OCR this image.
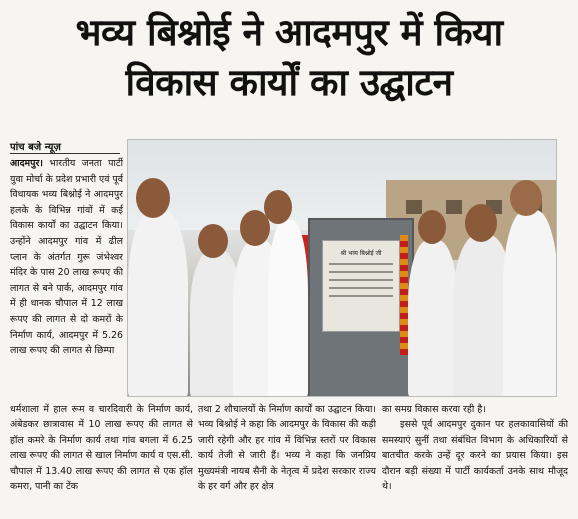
भव्य बिश्नोई ने आदमपुर में किया
विकास कार्यों का उद्घाटन
पांच बजे न्यूज़
आदमपुर। भारतीय जनता पार्टी युवा मोर्चा के प्रदेश प्रभारी एवं पूर्व विधायक भव्य बिश्नोई ने आदमपुर हलके के विभिन्न गांवों में कई विकास कार्यों का उद्घाटन किया। उन्होंने आदमपुर गांव में ढील प्लान के अंतर्गत गुरू जंभेश्वर मंदिर के पास 20 लाख रूपए की लागत से बने पार्क, आदमपुर गांव में ही धानक चौपाल में 12 लाख रूपए की लागत से दो कमरों के निर्माण कार्य, आदमपुर में 5.26 लाख रूपए की लागत से छिम्पा
श्री भव्य बिश्नोई जी

धर्मशाला में हाल रूम व चारदिवारी के निर्माण कार्य, अंबेडकर छात्रावास में 10 लाख रूपए की लागत से हॉल कमरे के निर्माण कार्य तथा गांव बगला में 6.25 लाख रूपए की लागत से खाल निर्माण कार्य व एस.सी. चौपाल में 13.40 लाख रूपए की लागत से एक हॉल कमरा, पानी का टेंक

तथा 2 शौचालयों के निर्माण कार्यों का उद्घाटन किया। भव्य बिश्नोई ने कहा कि आदमपुर के विकास की कड़ी जारी रहेगी और हर गांव में विभिन्न स्तरों पर विकास कार्य तेजी से जारी हैं। भव्य ने कहा कि जनप्रिय मुख्यमंत्री नायब सैनी के नेतृत्व में प्रदेश सरकार राज्य के हर वर्ग और हर क्षेत्र

का समग्र विकास करवा रही है।

इससे पूर्व आदमपुर दुकान पर हलकावासियों की समस्याएं सुनीं तथा संबंधित विभाग के अधिकारियों से बातचीत करके उन्हें दूर करने का प्रयास किया। इस दौरान बड़ी संख्या में पार्टी कार्यकर्ता उनके साथ मौजूद थे।
